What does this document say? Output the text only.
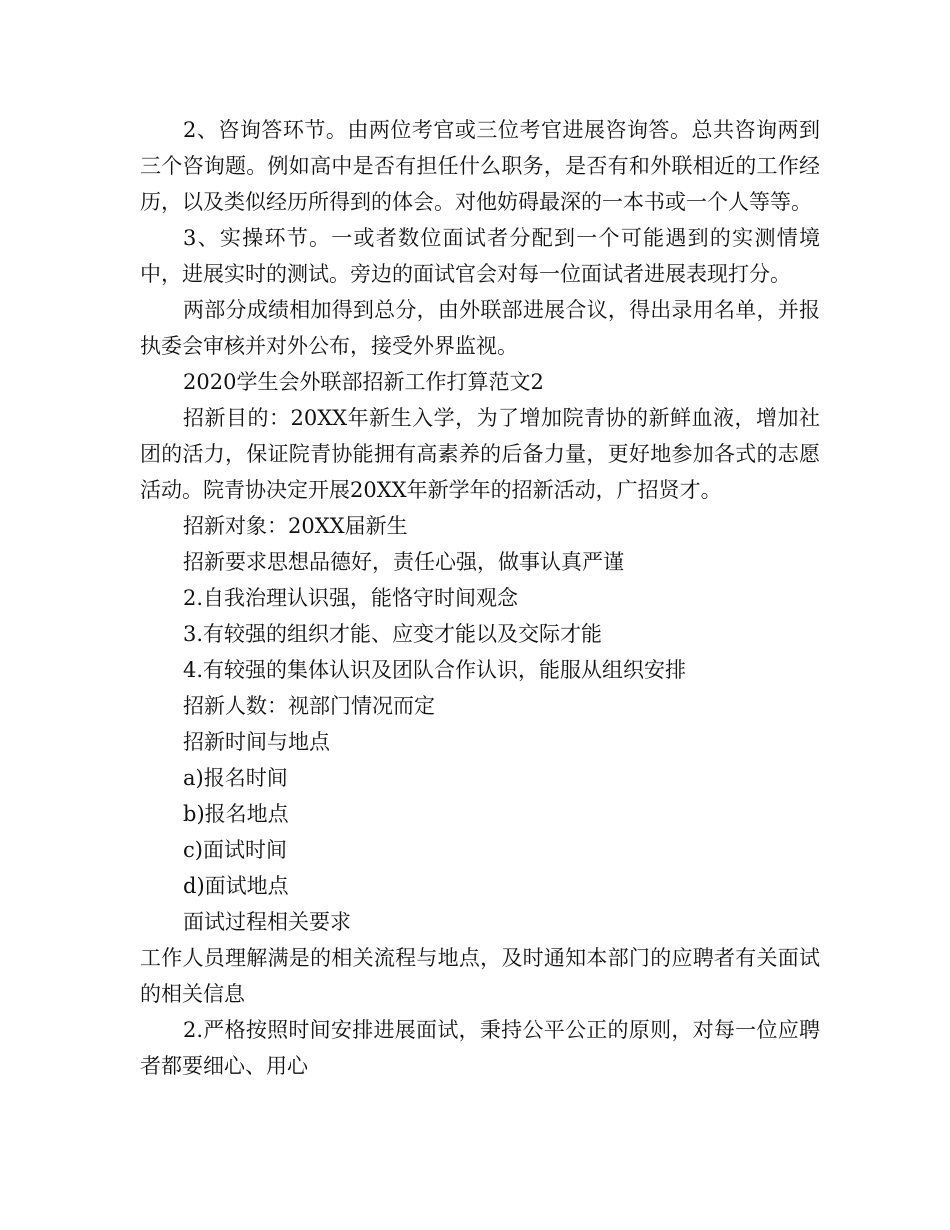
2、咨询答环节。由两位考官或三位考官进展咨询答。总共咨询两到三个咨询题。例如高中是否有担任什么职务，是否有和外联相近的工作经历，以及类似经历所得到的体会。对他妨碍最深的一本书或一个人等等。

3、实操环节。一或者数位面试者分配到一个可能遇到的实测情境中，进展实时的测试。旁边的面试官会对每一位面试者进展表现打分。

两部分成绩相加得到总分，由外联部进展合议，得出录用名单，并报执委会审核并对外公布，接受外界监视。

2020学生会外联部招新工作打算范文2

招新目的：20XX年新生入学，为了增加院青协的新鲜血液，增加社团的活力，保证院青协能拥有高素养的后备力量，更好地参加各式的志愿活动。院青协决定开展20XX年新学年的招新活动，广招贤才。

招新对象：20XX届新生

招新要求思想品德好，责任心强，做事认真严谨

2.自我治理认识强，能恪守时间观念

3.有较强的组织才能、应变才能以及交际才能

4.有较强的集体认识及团队合作认识，能服从组织安排

招新人数：视部门情况而定

招新时间与地点

a)报名时间

b)报名地点

c)面试时间

d)面试地点

面试过程相关要求

工作人员理解满是的相关流程与地点，及时通知本部门的应聘者有关面试的相关信息

2.严格按照时间安排进展面试，秉持公平公正的原则，对每一位应聘者都要细心、用心
